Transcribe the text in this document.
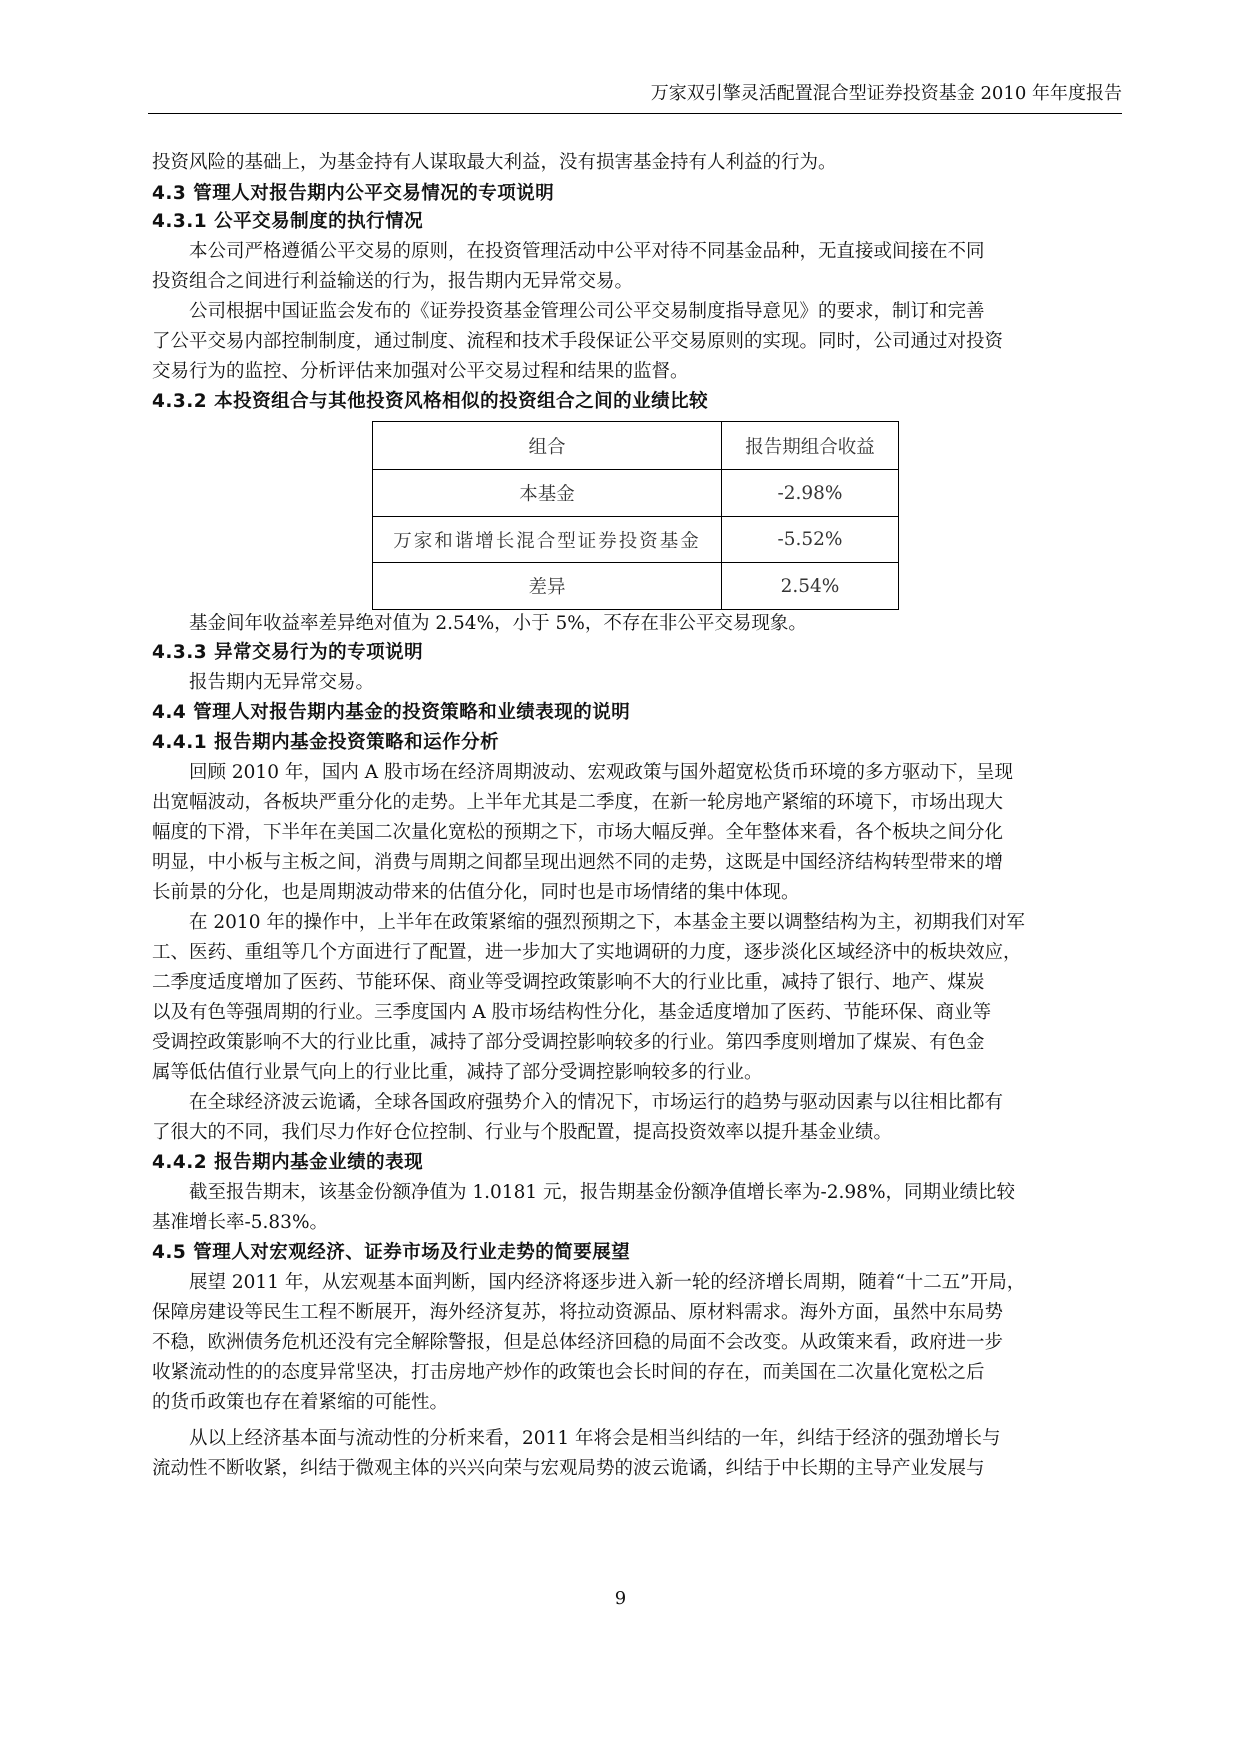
万家双引擎灵活配置混合型证券投资基金 2010 年年度报告
投资风险的基础上，为基金持有人谋取最大利益，没有损害基金持有人利益的行为。
4.3 管理人对报告期内公平交易情况的专项说明
4.3.1 公平交易制度的执行情况
　　本公司严格遵循公平交易的原则，在投资管理活动中公平对待不同基金品种，无直接或间接在不同
投资组合之间进行利益输送的行为，报告期内无异常交易。
　　公司根据中国证监会发布的《证券投资基金管理公司公平交易制度指导意见》的要求，制订和完善
了公平交易内部控制制度，通过制度、流程和技术手段保证公平交易原则的实现。同时，公司通过对投资
交易行为的监控、分析评估来加强对公平交易过程和结果的监督。
4.3.2 本投资组合与其他投资风格相似的投资组合之间的业绩比较
组合	报告期组合收益
本基金	-2.98%
万家和谐增长混合型证券投资基金	-5.52%
差异	2.54%
　　基金间年收益率差异绝对值为 2.54%，小于 5%，不存在非公平交易现象。
4.3.3 异常交易行为的专项说明
　　报告期内无异常交易。
4.4 管理人对报告期内基金的投资策略和业绩表现的说明
4.4.1 报告期内基金投资策略和运作分析
　　回顾 2010 年，国内 A 股市场在经济周期波动、宏观政策与国外超宽松货币环境的多方驱动下，呈现
出宽幅波动，各板块严重分化的走势。上半年尤其是二季度，在新一轮房地产紧缩的环境下，市场出现大
幅度的下滑，下半年在美国二次量化宽松的预期之下，市场大幅反弹。全年整体来看，各个板块之间分化
明显，中小板与主板之间，消费与周期之间都呈现出迥然不同的走势，这既是中国经济结构转型带来的增
长前景的分化，也是周期波动带来的估值分化，同时也是市场情绪的集中体现。
　　在 2010 年的操作中，上半年在政策紧缩的强烈预期之下，本基金主要以调整结构为主，初期我们对军
工、医药、重组等几个方面进行了配置，进一步加大了实地调研的力度，逐步淡化区域经济中的板块效应，
二季度适度增加了医药、节能环保、商业等受调控政策影响不大的行业比重，减持了银行、地产、煤炭
以及有色等强周期的行业。三季度国内 A 股市场结构性分化，基金适度增加了医药、节能环保、商业等
受调控政策影响不大的行业比重，减持了部分受调控影响较多的行业。第四季度则增加了煤炭、有色金
属等低估值行业景气向上的行业比重，减持了部分受调控影响较多的行业。
　　在全球经济波云诡谲，全球各国政府强势介入的情况下，市场运行的趋势与驱动因素与以往相比都有
了很大的不同，我们尽力作好仓位控制、行业与个股配置，提高投资效率以提升基金业绩。
4.4.2 报告期内基金业绩的表现
　　截至报告期末，该基金份额净值为 1.0181 元，报告期基金份额净值增长率为-2.98%，同期业绩比较
基准增长率-5.83%。
4.5 管理人对宏观经济、证券市场及行业走势的简要展望
　　展望 2011 年，从宏观基本面判断，国内经济将逐步进入新一轮的经济增长周期，随着“十二五”开局，
保障房建设等民生工程不断展开，海外经济复苏，将拉动资源品、原材料需求。海外方面，虽然中东局势
不稳，欧洲债务危机还没有完全解除警报，但是总体经济回稳的局面不会改变。从政策来看，政府进一步
收紧流动性的的态度异常坚决，打击房地产炒作的政策也会长时间的存在，而美国在二次量化宽松之后
的货币政策也存在着紧缩的可能性。
　　从以上经济基本面与流动性的分析来看，2011 年将会是相当纠结的一年，纠结于经济的强劲增长与
流动性不断收紧，纠结于微观主体的兴兴向荣与宏观局势的波云诡谲，纠结于中长期的主导产业发展与
9
